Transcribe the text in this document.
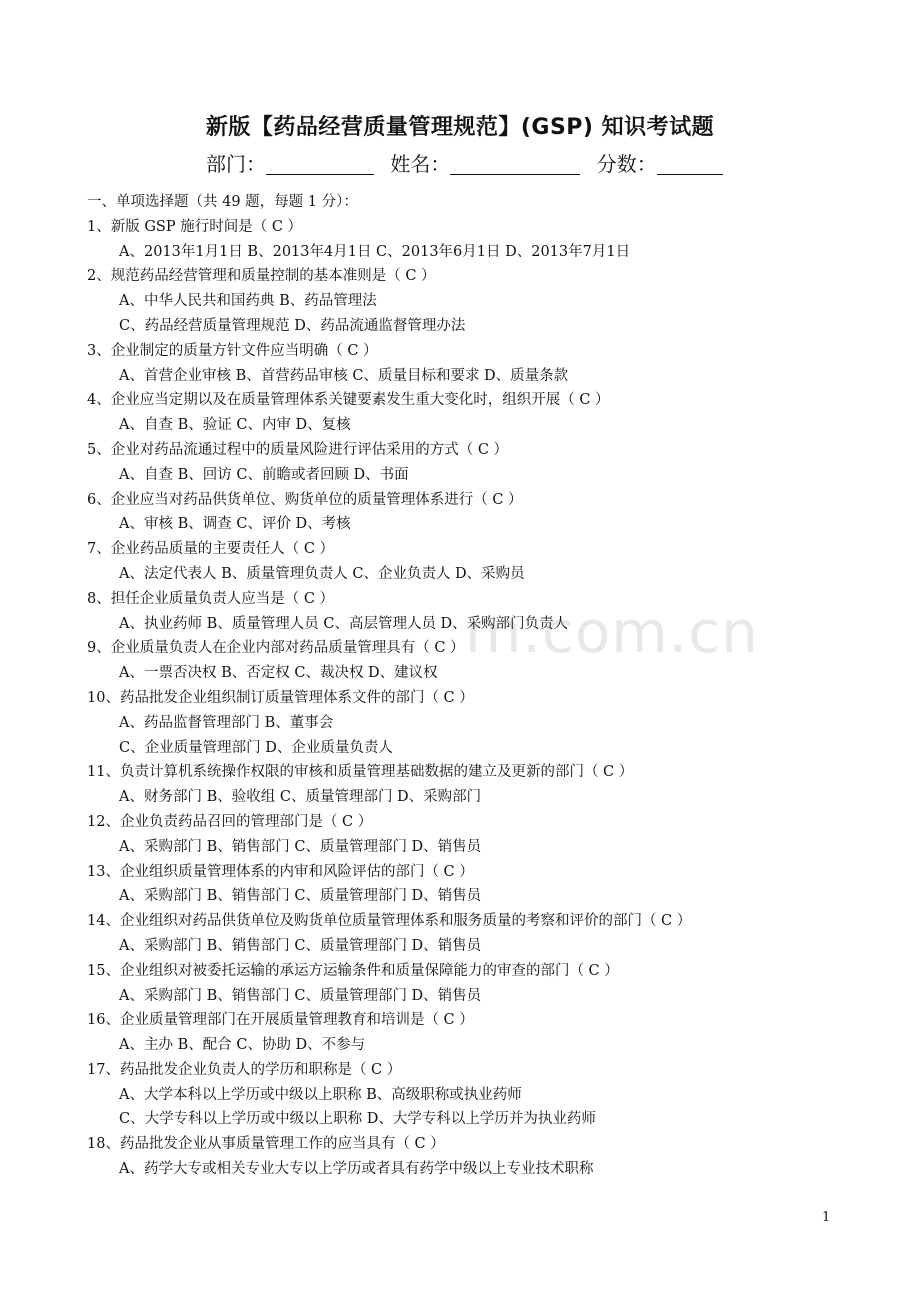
新版【药品经营质量管理规范】(GSP) 知识考试题
部门：	姓名：	分数：
m.com.cn
一、单项选择题（共 49 题，每题 1 分）：
1、新版 GSP 施行时间是（ C ）
A、2013年1月1日 B、2013年4月1日 C、2013年6月1日 D、2013年7月1日
2、规范药品经营管理和质量控制的基本准则是（ C ）
A、中华人民共和国药典 B、药品管理法
C、药品经营质量管理规范 D、药品流通监督管理办法
3、企业制定的质量方针文件应当明确（ C ）
A、首营企业审核 B、首营药品审核 C、质量目标和要求 D、质量条款
4、企业应当定期以及在质量管理体系关键要素发生重大变化时，组织开展（ C ）
A、自查 B、验证 C、内审 D、复核
5、企业对药品流通过程中的质量风险进行评估采用的方式（ C ）
A、自查 B、回访 C、前瞻或者回顾 D、书面
6、企业应当对药品供货单位、购货单位的质量管理体系进行（ C ）
A、审核 B、调查 C、评价 D、考核
7、企业药品质量的主要责任人（ C ）
A、法定代表人 B、质量管理负责人 C、企业负责人 D、采购员
8、担任企业质量负责人应当是（ C ）
A、执业药师 B、质量管理人员 C、高层管理人员 D、采购部门负责人
9、企业质量负责人在企业内部对药品质量管理具有（ C ）
A、一票否决权 B、否定权 C、裁决权 D、建议权
10、药品批发企业组织制订质量管理体系文件的部门（ C ）
A、药品监督管理部门 B、董事会
C、企业质量管理部门 D、企业质量负责人
11、负责计算机系统操作权限的审核和质量管理基础数据的建立及更新的部门（ C ）
A、财务部门 B、验收组 C、质量管理部门 D、采购部门
12、企业负责药品召回的管理部门是（ C ）
A、采购部门 B、销售部门 C、质量管理部门 D、销售员
13、企业组织质量管理体系的内审和风险评估的部门（ C ）
A、采购部门 B、销售部门 C、质量管理部门 D、销售员
14、企业组织对药品供货单位及购货单位质量管理体系和服务质量的考察和评价的部门（ C ）
A、采购部门 B、销售部门 C、质量管理部门 D、销售员
15、企业组织对被委托运输的承运方运输条件和质量保障能力的审查的部门（ C ）
A、采购部门 B、销售部门 C、质量管理部门 D、销售员
16、企业质量管理部门在开展质量管理教育和培训是（ C ）
A、主办 B、配合 C、协助 D、不参与
17、药品批发企业负责人的学历和职称是（ C ）
A、大学本科以上学历或中级以上职称 B、高级职称或执业药师
C、大学专科以上学历或中级以上职称 D、大学专科以上学历并为执业药师
18、药品批发企业从事质量管理工作的应当具有（ C ）
A、药学大专或相关专业大专以上学历或者具有药学中级以上专业技术职称
1
